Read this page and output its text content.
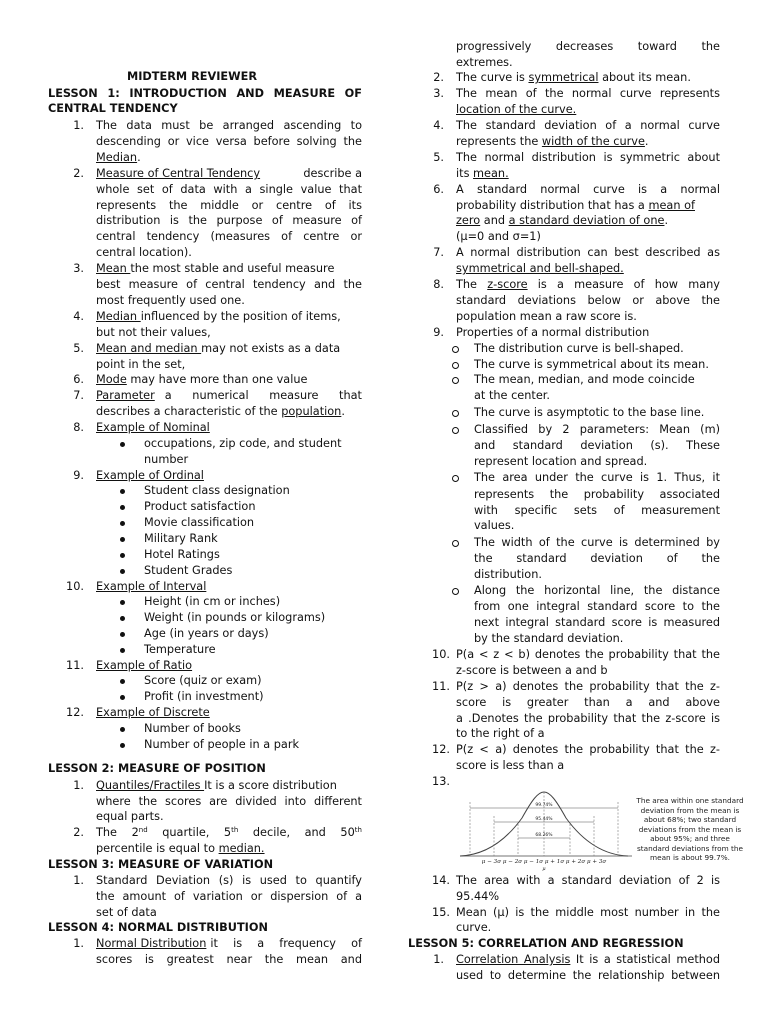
MIDTERM REVIEWER
LESSON 1: INTRODUCTION AND MEASURE OF
CENTRAL TENDENCY
1. The data must be arranged ascending to
descending or vice versa before solving the
Median.
2. Measure of Central Tendency	describe a
whole set of data with a single value that
represents the middle or centre of its
distribution is the purpose of measure of
central tendency (measures of centre or
central location).
3. Mean the most stable and useful measure
best measure of central tendency and the
most frequently used one.
4. Median influenced by the position of items,
but not their values,
5. Mean and median may not exists as a data
point in the set,
6. Mode may have more than one value
7. Parameter a numerical measure that
describes a characteristic of the population.
8. Example of Nominal
occupations, zip code, and student
number
9. Example of Ordinal
Student class designation
Product satisfaction
Movie classification
Military Rank
Hotel Ratings
Student Grades
10. Example of Interval
Height (in cm or inches)
Weight (in pounds or kilograms)
Age (in years or days)
Temperature
11. Example of Ratio
Score (quiz or exam)
Profit (in investment)
12. Example of Discrete
Number of books
Number of people in a park
LESSON 2: MEASURE OF POSITION
1. Quantiles/Fractiles It is a score distribution
where the scores are divided into different
equal parts.
2. The 2nd quartile, 5th decile, and 50th
percentile is equal to median.
LESSON 3: MEASURE OF VARIATION
1. Standard Deviation (s) is used to quantify
the amount of variation or dispersion of a
set of data
LESSON 4: NORMAL DISTRIBUTION
1. Normal Distribution it is a frequency of
scores is greatest near the mean and
progressively decreases toward the
extremes.
2. The curve is symmetrical about its mean.
3. The mean of the normal curve represents
location of the curve.
4. The standard deviation of a normal curve
represents the width of the curve.
5. The normal distribution is symmetric about
its mean.
6. A standard normal curve is a normal
probability distribution that has a mean of
zero and a standard deviation of one.
(μ=0 and σ=1)
7. A normal distribution can best described as
symmetrical and bell-shaped.
8. The z-score is a measure of how many
standard deviations below or above the
population mean a raw score is.
9. Properties of a normal distribution
The distribution curve is bell-shaped.
The curve is symmetrical about its mean.
The mean, median, and mode coincide
at the center.
The curve is asymptotic to the base line.
Classified by 2 parameters: Mean (m)
and standard deviation (s). These
represent location and spread.
The area under the curve is 1. Thus, it
represents the probability associated
with specific sets of measurement
values.
The width of the curve is determined by
the standard deviation of the
distribution.
Along the horizontal line, the distance
from one integral standard score to the
next integral standard score is measured
by the standard deviation.
10. P(a < z < b) denotes the probability that the
z-score is between a and b
11. P(z > a) denotes the probability that the z-
score is greater than a and above
a .Denotes the probability that the z-score is
to the right of a
12. P(z < a) denotes the probability that the z-
score is less than a
13.
14. The area with a standard deviation of 2 is
95.44%
15. Mean (μ) is the middle most number in the
curve.
LESSON 5: CORRELATION AND REGRESSION
1. Correlation Analysis It is a statistical method
used to determine the relationship between
99.74%
95.44%
68.26%
μ − 3σ μ − 2σ μ − 1σ μ + 1σ μ + 2σ μ + 3σ
μ
The area within one standard deviation from the mean is about 68%; two standard deviations from the mean is about 95%; and three standard deviations from the mean is about 99.7%.
